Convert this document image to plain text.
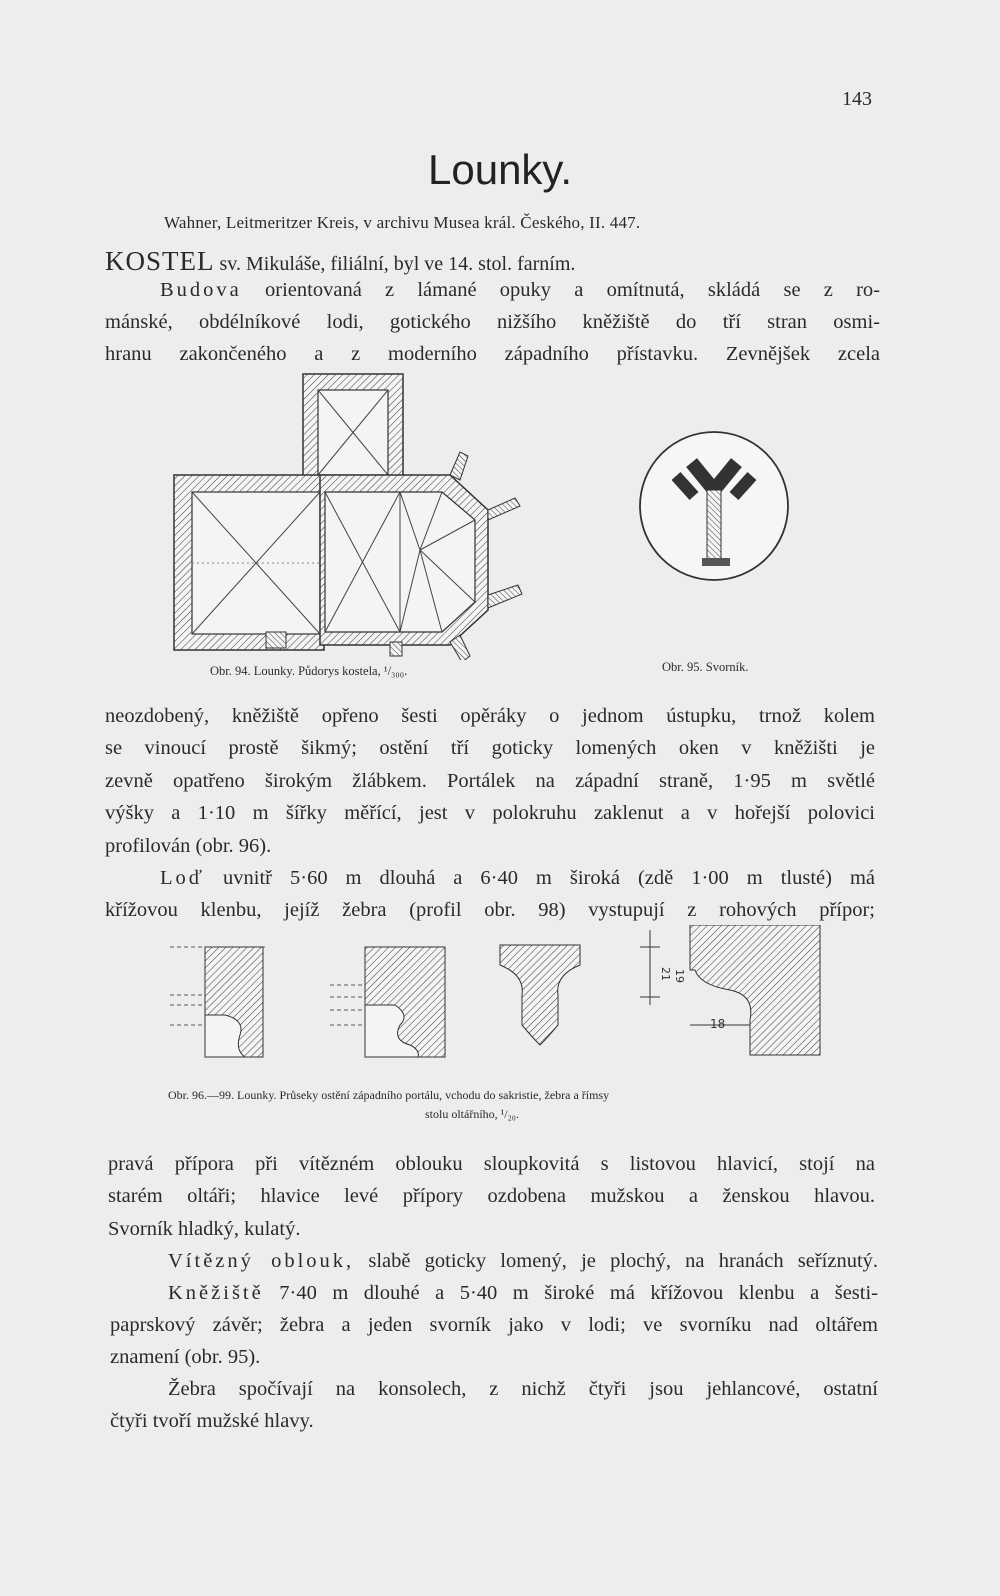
143
Lounky.
Wahner, Leitmeritzer Kreis, v archivu Musea král. Českého, II. 447.
KOSTEL sv. Mikuláše, filiální, byl ve 14. stol. farním.
Budova orientovaná z lámané opuky a omítnutá, skládá se z ro-
mánské, obdélníkové lodi, gotického nižšího kněžiště do tří stran osmi-
hranu zakončeného a z moderního západního přístavku. Zevnějšek zcela
Obr. 94. Lounky. Půdorys kostela, ¹/₃₀₀.	Obr. 95. Svorník.
neozdobený, kněžiště opřeno šesti opěráky o jednom ústupku, trnož kolem
se vinoucí prostě šikmý; ostění tří goticky lomených oken v kněžišti je
zevně opatřeno širokým žlábkem. Portálek na západní straně, 1·95 m světlé
výšky a 1·10 m šířky měřící, jest v polokruhu zaklenut a v hořejší polovici
profilován (obr. 96).
Loď uvnitř 5·60 m dlouhá a 6·40 m široká (zdě 1·00 m tlusté) má
křížovou klenbu, jejíž žebra (profil obr. 98) vystupují z rohových přípor;
21 19
18
Obr. 96.—99. Lounky. Průseky ostění západního portálu, vchodu do sakristie, žebra a římsy
stolu oltářního, ¹/₂₀.
pravá přípora při vítězném oblouku sloupkovitá s listovou hlavicí, stojí na
starém oltáři; hlavice levé přípory ozdobena mužskou a ženskou hlavou.
Svorník hladký, kulatý.
Vítězný oblouk, slabě goticky lomený, je plochý, na hranách seříznutý.
Kněžiště 7·40 m dlouhé a 5·40 m široké má křížovou klenbu a šesti-
paprskový závěr; žebra a jeden svorník jako v lodi; ve svorníku nad oltářem
znamení (obr. 95).
Žebra spočívají na konsolech, z nichž čtyři jsou jehlancové, ostatní
čtyři tvoří mužské hlavy.
